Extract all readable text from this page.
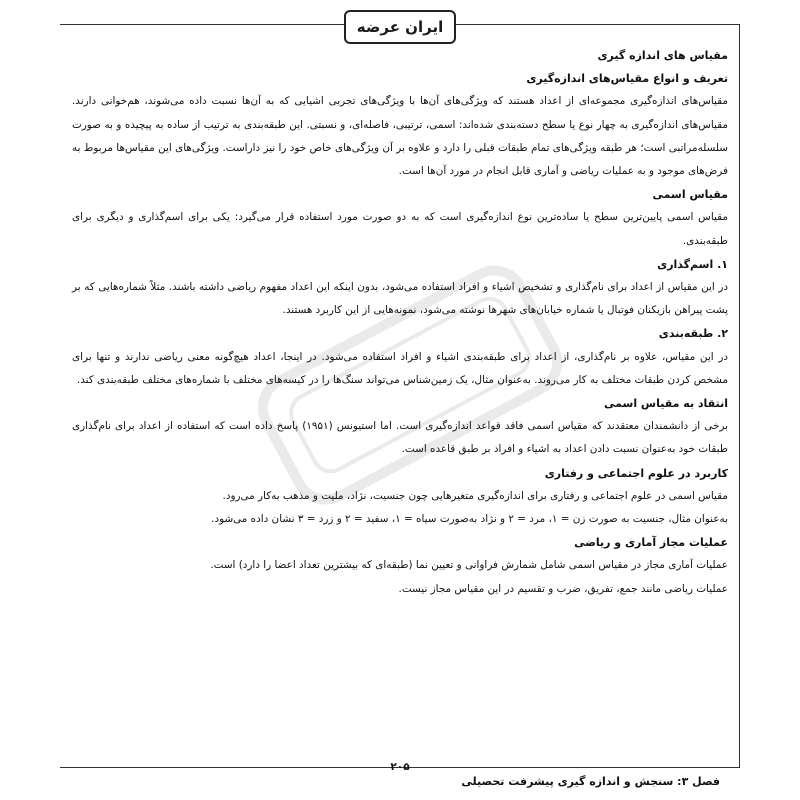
ایران عرضه
مقیاس های اندازه گیری
تعریف و انواع مقیاس‌های اندازه‌گیری

مقیاس‌های اندازه‌گیری مجموعه‌ای از اعداد هستند که ویژگی‌های آن‌ها با ویژگی‌های تجربی اشیایی که به آن‌ها نسبت داده می‌شوند، هم‌خوانی دارند. مقیاس‌های اندازه‌گیری به چهار نوع یا سطح دسته‌بندی شده‌اند: اسمی، ترتیبی، فاصله‌ای، و نسبتی. این طبقه‌بندی به ترتیب از ساده به پیچیده و به صورت سلسله‌مراتبی است؛ هر طبقه ویژگی‌های تمام طبقات قبلی را دارد و علاوه بر آن ویژگی‌های خاص خود را نیز داراست. ویژگی‌های این مقیاس‌ها مربوط به فرض‌های موجود و به عملیات ریاضی و آماری قابل انجام در مورد آن‌ها است.

مقیاس اسمی

مقیاس اسمی پایین‌ترین سطح یا ساده‌ترین نوع اندازه‌گیری است که به دو صورت مورد استفاده قرار می‌گیرد: یکی برای اسم‌گذاری و دیگری برای طبقه‌بندی.

۱. اسم‌گذاری

در این مقیاس از اعداد برای نام‌گذاری و تشخیص اشیاء و افراد استفاده می‌شود، بدون اینکه این اعداد مفهوم ریاضی داشته باشند. مثلاً شماره‌هایی که بر پشت پیراهن بازیکنان فوتبال یا شماره خیابان‌های شهرها نوشته می‌شود، نمونه‌هایی از این کاربرد هستند.

۲. طبقه‌بندی

در این مقیاس، علاوه بر نام‌گذاری، از اعداد برای طبقه‌بندی اشیاء و افراد استفاده می‌شود. در اینجا، اعداد هیچ‌گونه معنی ریاضی ندارند و تنها برای مشخص کردن طبقات مختلف به کار می‌روند. به‌عنوان مثال، یک زمین‌شناس می‌تواند سنگ‌ها را در کیسه‌های مختلف با شماره‌های مختلف طبقه‌بندی کند.

انتقاد به مقیاس اسمی

برخی از دانشمندان معتقدند که مقیاس اسمی فاقد قواعد اندازه‌گیری است. اما استیونس (۱۹۵۱) پاسخ داده است که استفاده از اعداد برای نام‌گذاری طبقات خود به‌عنوان نسبت دادن اعداد به اشیاء و افراد بر طبق قاعده است.

کاربرد در علوم اجتماعی و رفتاری

مقیاس اسمی در علوم اجتماعی و رفتاری برای اندازه‌گیری متغیرهایی چون جنسیت، نژاد، ملیت و مذهب به‌کار می‌رود.

به‌عنوان مثال، جنسیت به صورت زن = ۱، مرد = ۲ و نژاد به‌صورت سیاه = ۱، سفید = ۲ و زرد = ۳ نشان داده می‌شود.

عملیات مجاز آماری و ریاضی

عملیات آماری مجاز در مقیاس اسمی شامل شمارش فراوانی و تعیین نما (طبقه‌ای که بیشترین تعداد اعضا را دارد) است.

عملیات ریاضی مانند جمع، تفریق، ضرب و تقسیم در این مقیاس مجاز نیست.

۲۰۵
فصل ۳: سنجش و اندازه گیری پیشرفت تحصیلی
